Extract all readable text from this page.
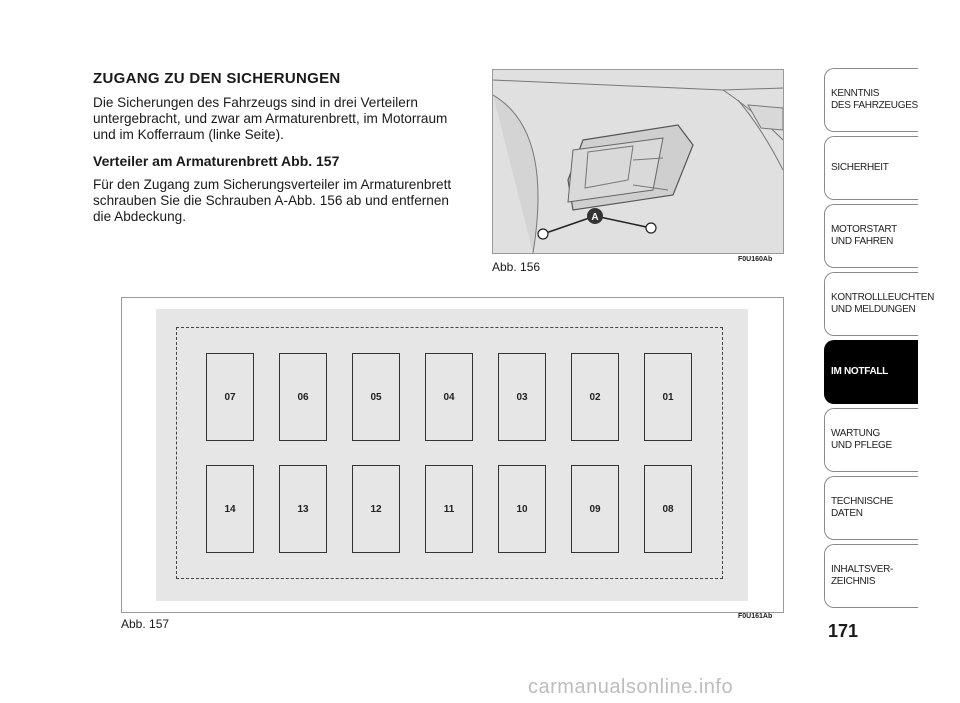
ZUGANG ZU DEN SICHERUNGEN

Die Sicherungen des Fahrzeugs sind in drei Verteilern untergebracht, und zwar am Armaturenbrett, im Motorraum und im Kofferraum (linke Seite).

Verteiler am Armaturenbrett Abb. 157

Für den Zugang zum Sicherungsverteiler im Armaturenbrett schrauben Sie die Schrauben A-Abb. 156 ab und entfernen die Abdeckung.	A
Abb. 156
F0U160Ab
07	06	05	04	03	02	01
14	13	12	11	10	09	08
Abb. 157
F0U161Ab
KENNTNIS
DES FAHRZEUGES
SICHERHEIT
MOTORSTART
UND FAHREN
KONTROLLLEUCHTEN
UND MELDUNGEN
IM NOTFALL
WARTUNG
UND PFLEGE
TECHNISCHE
DATEN
INHALTSVER-
ZEICHNIS
171
carmanualsonline.info
